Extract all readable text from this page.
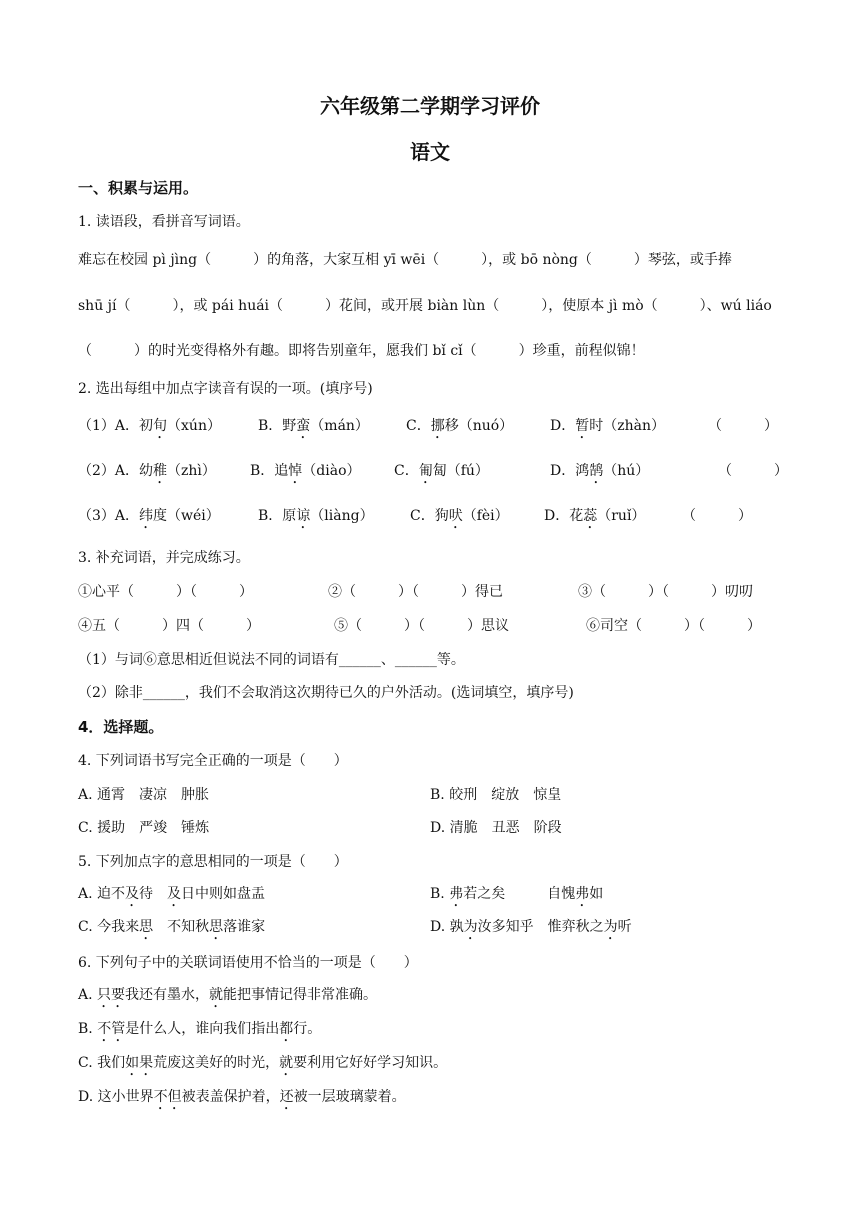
六年级第二学期学习评价
语文
一、积累与运用。
1. 读语段，看拼音写词语。
难忘在校园 pì jìng（　　　）的角落，大家互相 yī wēi（　　　），或 bō nòng（　　　）琴弦，或手捧
shū jí（　　　），或 pái huái（　　　）花间，或开展 biàn lùn（　　　），使原本 jì mò（　　　）、wú liáo
（　　　）的时光变得格外有趣。即将告别童年，愿我们 bǐ cǐ（　　　）珍重，前程似锦！
2. 选出每组中加点字读音有误的一项。(填序号)
（1）A．初旬（xún）	B．野蛮（mán）	C．挪移（nuó）	D．暂时（zhàn）	（　　　）
（2）A．幼稚（zhì） B．追悼（diào） C．匍匐（fú）	D．鸿鹄（hú）	（　　　）
（3）A．纬度（wéi）	B．原谅（liàng）	C．狗吠（fèi）	D．花蕊（ruǐ）	（　　　）
3. 补充词语，并完成练习。
①心平（　　　）（　　　）	②（　　　）（　　　）得已	③（　　　）（　　　）叨叨
④五（　　　）四（　　　）	⑤（　　　）（　　　）思议	⑥司空（　　　）（　　　）
（1）与词⑥意思相近但说法不同的词语有______、______等。
（2）除非______，我们不会取消这次期待已久的户外活动。(选词填空，填序号)
4．选择题。
4. 下列词语书写完全正确的一项是（　　）
A. 通霄　凄凉　肿胀	B. 皎刑　绽放　惊皇
C. 援助　严竣　锤炼	D. 清脆　丑恶　阶段
5. 下列加点字的意思相同的一项是（　　）
A. 迫不及待　及日中则如盘盂	B. 弗若之矣　　　自愧弗如
C. 今我来思　不知秋思落谁家	D. 孰为汝多知乎　惟弈秋之为听
6. 下列句子中的关联词语使用不恰当的一项是（　　）
A. 只要我还有墨水，就能把事情记得非常准确。
B. 不管是什么人，谁向我们指出都行。
C. 我们如果荒废这美好的时光，就要利用它好好学习知识。
D. 这小世界不但被表盖保护着，还被一层玻璃蒙着。
